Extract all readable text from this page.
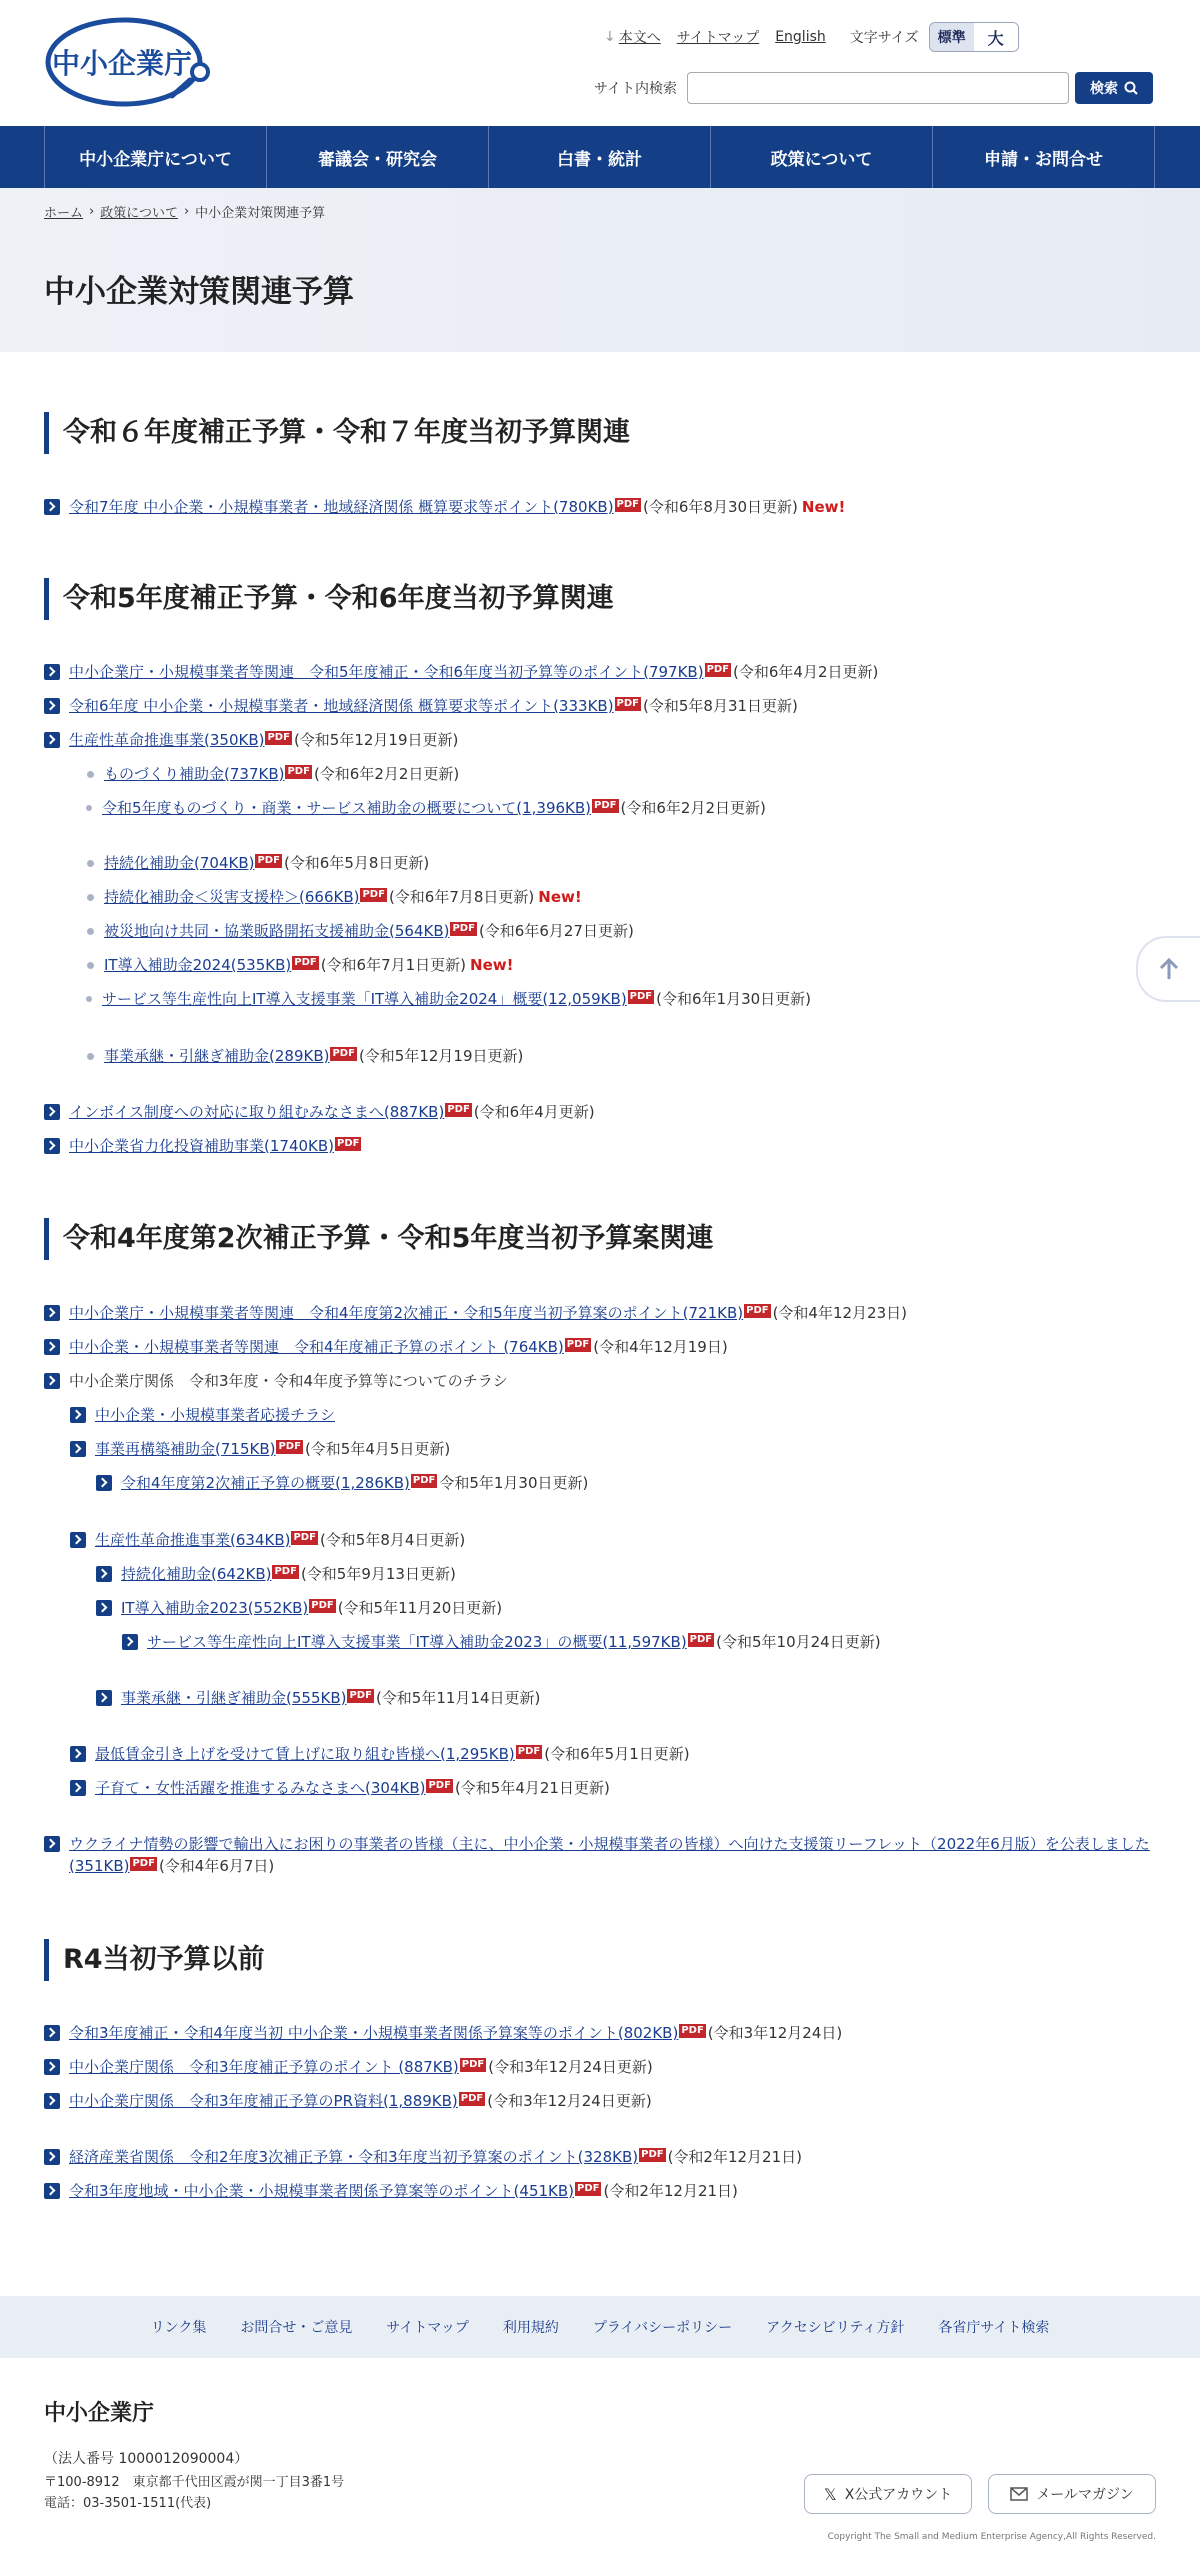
中小企業庁
↓ 本文へ サイトマップ English 文字サイズ	標準	大
サイト内検索	検索
中小企業庁について	審議会・研究会	白書・統計	政策について	申請・お問合せ
ホーム › 政策について › 中小企業対策関連予算
中小企業対策関連予算
令和６年度補正予算・令和７年度当初予算関連
令和7年度 中小企業・小規模事業者・地域経済関係 概算要求等ポイント(780KB) PDF (令和6年8月30日更新) New!
令和5年度補正予算・令和6年度当初予算関連
中小企業庁・小規模事業者等関連　令和5年度補正・令和6年度当初予算等のポイント(797KB) PDF (令和6年4月2日更新)
令和6年度 中小企業・小規模事業者・地域経済関係 概算要求等ポイント(333KB) PDF (令和5年8月31日更新)
生産性革命推進事業(350KB) PDF (令和5年12月19日更新)
ものづくり補助金(737KB) PDF (令和6年2月2日更新)
令和5年度ものづくり・商業・サービス補助金の概要について(1,396KB) PDF (令和6年2月2日更新)
持続化補助金(704KB) PDF (令和6年5月8日更新)
持続化補助金＜災害支援枠＞(666KB) PDF (令和6年7月8日更新) New!
被災地向け共同・協業販路開拓支援補助金(564KB) PDF (令和6年6月27日更新)
IT導入補助金2024(535KB) PDF (令和6年7月1日更新) New!
サービス等生産性向上IT導入支援事業「IT導入補助金2024」概要(12,059KB) PDF (令和6年1月30日更新)
事業承継・引継ぎ補助金(289KB) PDF (令和5年12月19日更新)
インボイス制度への対応に取り組むみなさまへ(887KB) PDF (令和6年4月更新)
中小企業省力化投資補助事業(1740KB) PDF
令和4年度第2次補正予算・令和5年度当初予算案関連
中小企業庁・小規模事業者等関連　令和4年度第2次補正・令和5年度当初予算案のポイント(721KB) PDF (令和4年12月23日)
中小企業・小規模事業者等関連　令和4年度補正予算のポイント (764KB) PDF (令和4年12月19日)
中小企業庁関係　令和3年度・令和4年度予算等についてのチラシ
中小企業・小規模事業者応援チラシ
事業再構築補助金(715KB) PDF (令和5年4月5日更新)
令和4年度第2次補正予算の概要(1,286KB) PDF 令和5年1月30日更新)
生産性革命推進事業(634KB) PDF (令和5年8月4日更新)
持続化補助金(642KB) PDF (令和5年9月13日更新)
IT導入補助金2023(552KB) PDF (令和5年11月20日更新)
サービス等生産性向上IT導入支援事業「IT導入補助金2023」の概要(11,597KB) PDF (令和5年10月24日更新)
事業承継・引継ぎ補助金(555KB) PDF (令和5年11月14日更新)
最低賃金引き上げを受けて賃上げに取り組む皆様へ(1,295KB) PDF (令和6年5月1日更新)
子育て・女性活躍を推進するみなさまへ(304KB) PDF (令和5年4月21日更新)
ウクライナ情勢の影響で輸出入にお困りの事業者の皆様（主に、中小企業・小規模事業者の皆様）へ向けた支援策リーフレット（2022年6月版）を公表しました(351KB) PDF (令和4年6月7日)
R4当初予算以前
令和3年度補正・令和4年度当初 中小企業・小規模事業者関係予算案等のポイント(802KB) PDF (令和3年12月24日)
中小企業庁関係　令和3年度補正予算のポイント (887KB) PDF (令和3年12月24日更新)
中小企業庁関係　令和3年度補正予算のPR資料(1,889KB) PDF (令和3年12月24日更新)
経済産業省関係　令和2年度3次補正予算・令和3年度当初予算案のポイント(328KB) PDF (令和2年12月21日)
令和3年度地域・中小企業・小規模事業者関係予算案等のポイント(451KB) PDF (令和2年12月21日)
リンク集 お問合せ・ご意見 サイトマップ 利用規約 プライバシーポリシー アクセシビリティ方針 各省庁サイト検索
中小企業庁
（法人番号 1000012090004）
〒100-8912　東京都千代田区霞が関一丁目3番1号
電話：03-3501-1511(代表)	𝕏 X公式アカウント	メールマガジン
Copyright The Small and Medium Enterprise Agency,All Rights Reserved.
